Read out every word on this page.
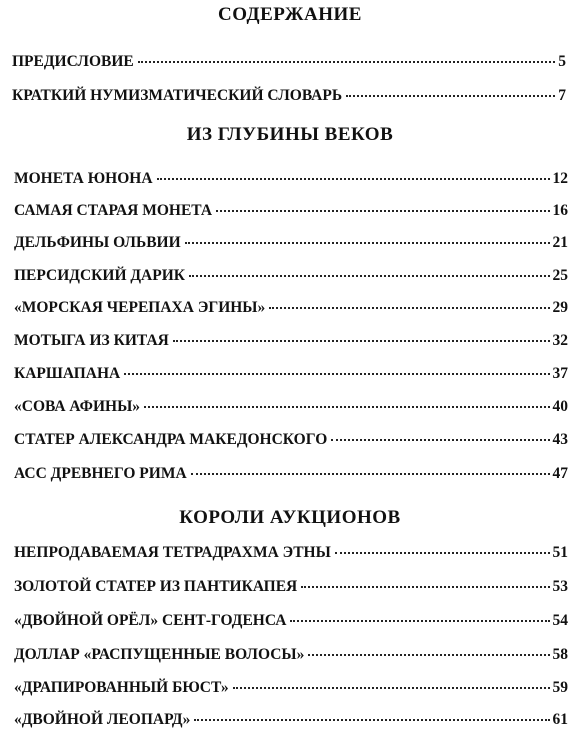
СОДЕРЖАНИЕ
ПРЕДИСЛОВИЕ	5
КРАТКИЙ НУМИЗМАТИЧЕСКИЙ СЛОВАРЬ	7
ИЗ ГЛУБИНЫ ВЕКОВ
МОНЕТА ЮНОНА	12
САМАЯ СТАРАЯ МОНЕТА	16
ДЕЛЬФИНЫ ОЛЬВИИ	21
ПЕРСИДСКИЙ ДАРИК	25
«МОРСКАЯ ЧЕРЕПАХА ЭГИНЫ»	29
МОТЫГА ИЗ КИТАЯ	32
КАРШАПАНА	37
«СОВА АФИНЫ»	40
СТАТЕР АЛЕКСАНДРА МАКЕДОНСКОГО	43
АСС ДРЕВНЕГО РИМА	47
КОРОЛИ АУКЦИОНОВ
НЕПРОДАВАЕМАЯ ТЕТРАДРАХМА ЭТНЫ	51
ЗОЛОТОЙ СТАТЕР ИЗ ПАНТИКАПЕЯ	53
«ДВОЙНОЙ ОРЁЛ» СЕНТ-ГОДЕНСА	54
ДОЛЛАР «РАСПУЩЕННЫЕ ВОЛОСЫ»	58
«ДРАПИРОВАННЫЙ БЮСТ»	59
«ДВОЙНОЙ ЛЕОПАРД»	61
